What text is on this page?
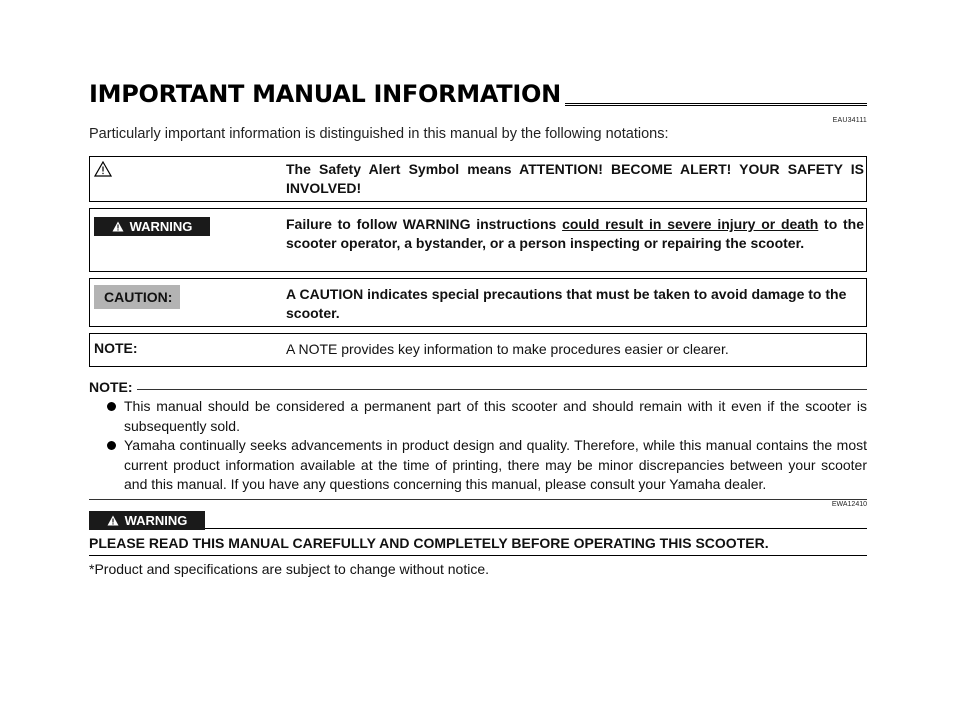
IMPORTANT MANUAL INFORMATION
EAU34111
Particularly important information is distinguished in this manual by the following notations:
The Safety Alert Symbol means ATTENTION! BECOME ALERT! YOUR SAFETY IS INVOLVED!
WARNING	Failure to follow WARNING instructions could result in severe injury or death to the scooter operator, a bystander, or a person inspecting or repairing the scooter.
CAUTION:	A CAUTION indicates special precautions that must be taken to avoid damage to the scooter.
NOTE:	A NOTE provides key information to make procedures easier or clearer.
NOTE:
This manual should be considered a permanent part of this scooter and should remain with it even if the scooter is subsequently sold.
Yamaha continually seeks advancements in product design and quality. Therefore, while this manual contains the most current product information available at the time of printing, there may be minor discrepancies between your scooter and this manual. If you have any questions concerning this manual, please consult your Yamaha dealer.
EWA12410
WARNING
PLEASE READ THIS MANUAL CAREFULLY AND COMPLETELY BEFORE OPERATING THIS SCOOTER.
*Product and specifications are subject to change without notice.
